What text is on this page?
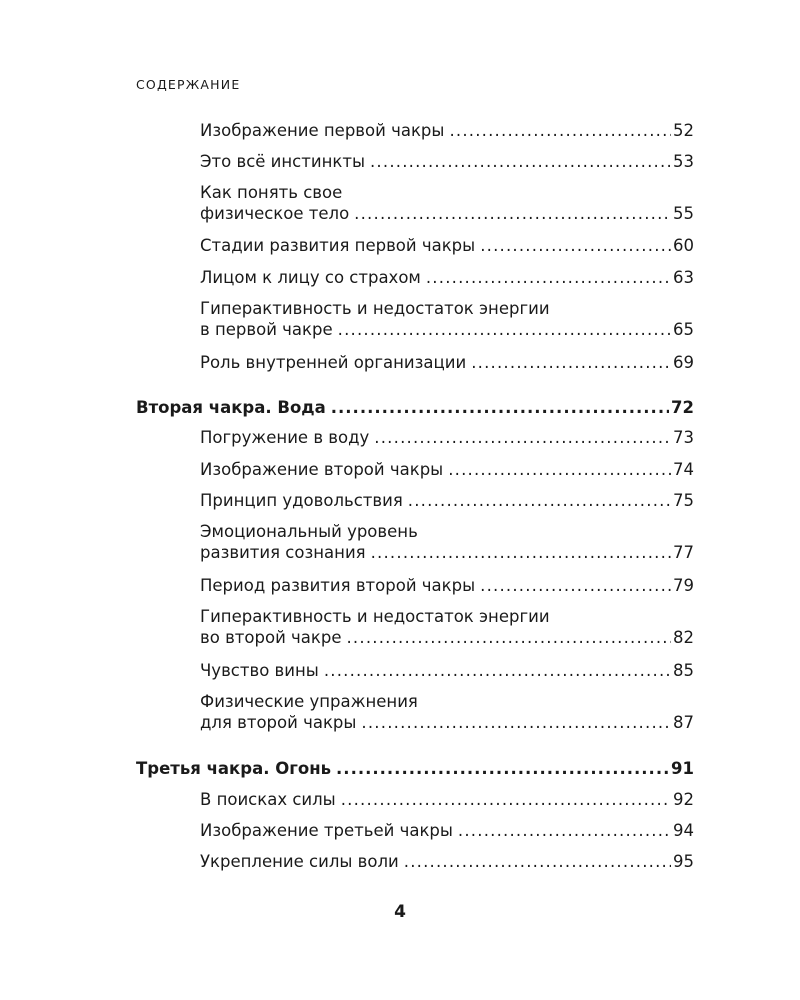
СОДЕРЖАНИЕ
Изображение первой чакры .....	52
Это всё инстинкты .....	53
Как понять свое
физическое тело .....	55
Стадии развития первой чакры .....	60
Лицом к лицу со страхом .....	63
Гиперактивность и недостаток энергии
в первой чакре .....	65
Роль внутренней организации .....	69
Вторая чакра. Вода .....	72
Погружение в воду .....	73
Изображение второй чакры .....	74
Принцип удовольствия .....	75
Эмоциональный уровень
развития сознания .....	77
Период развития второй чакры .....	79
Гиперактивность и недостаток энергии
во второй чакре .....	82
Чувство вины .....	85
Физические упражнения
для второй чакры .....	87
Третья чакра. Огонь .....	91
В поисках силы .....	92
Изображение третьей чакры .....	94
Укрепление силы воли .....	95
4
